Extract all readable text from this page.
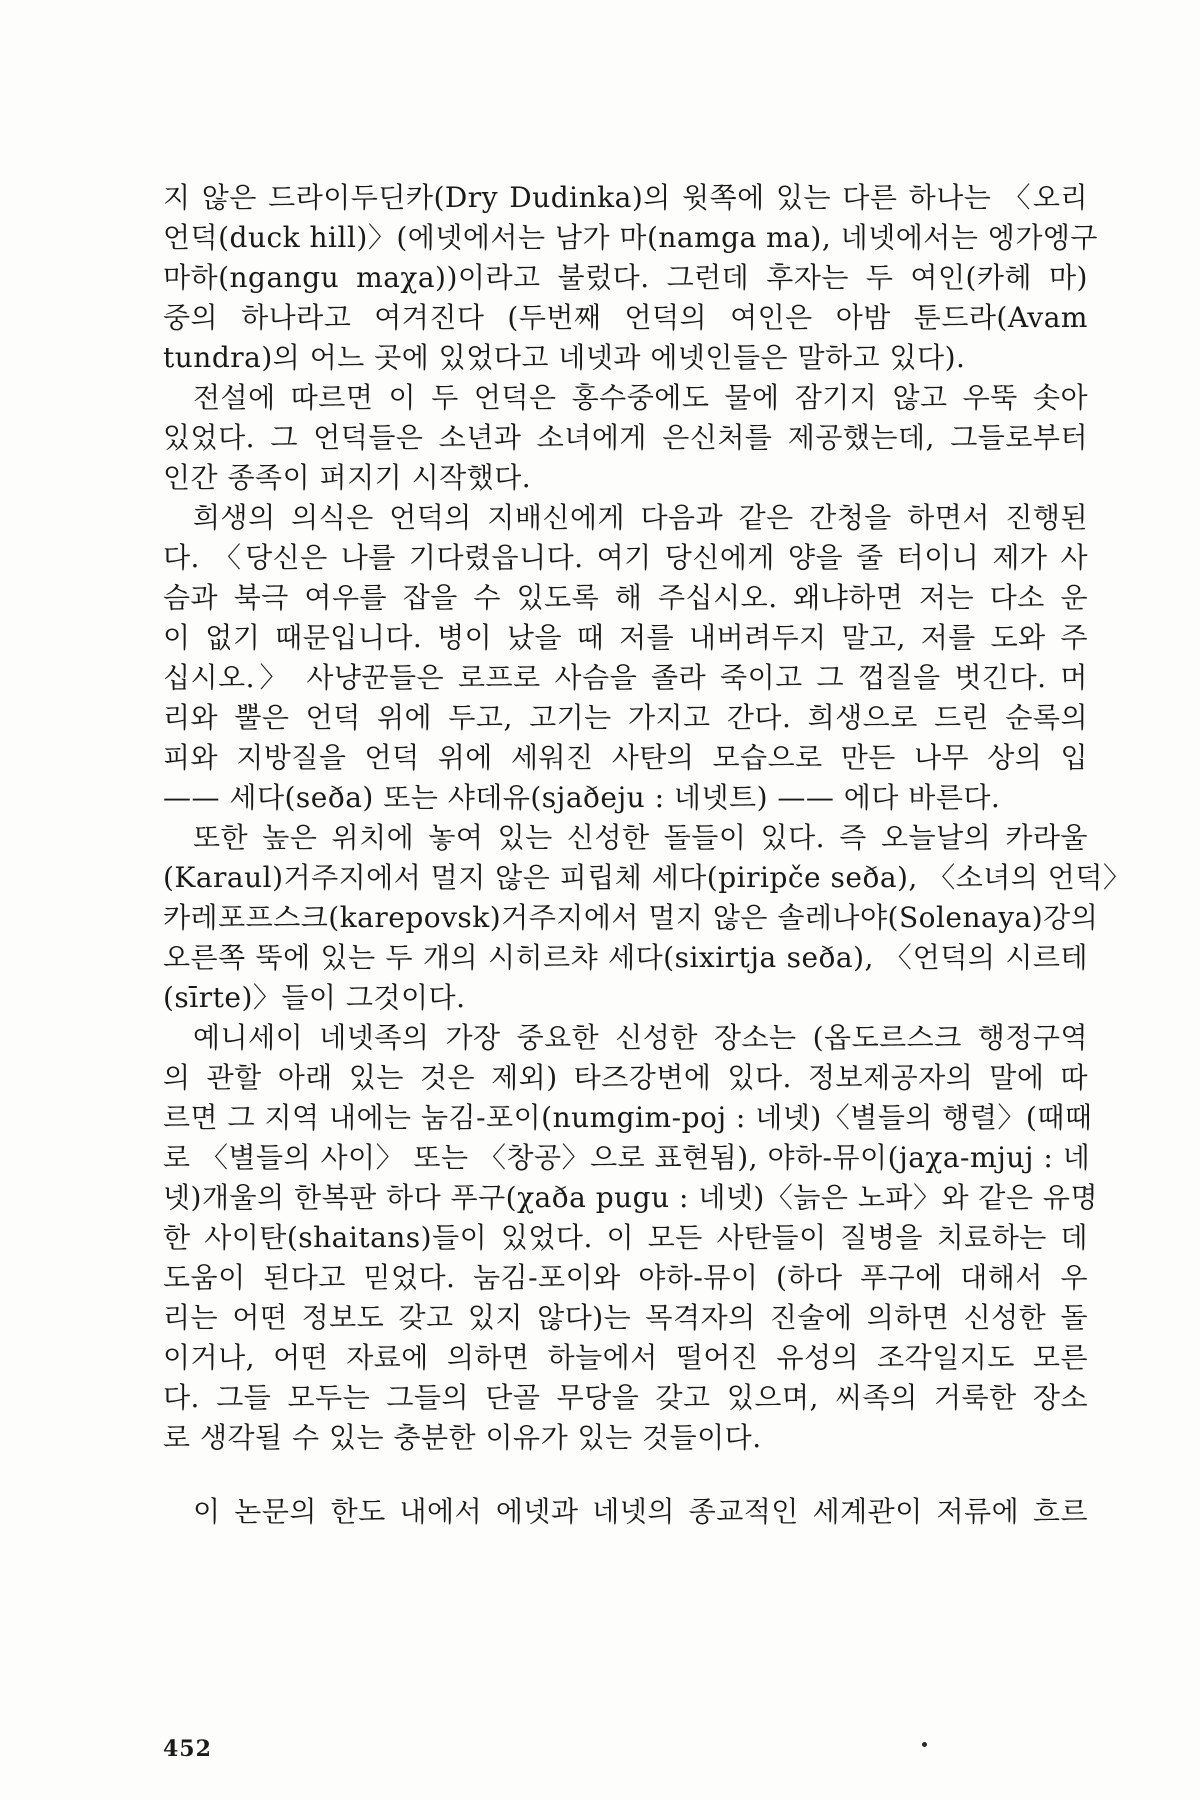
지 않은 드라이두딘카(Dry Dudinka)의 윗쪽에 있는 다른 하나는 〈오리
언덕(duck hill)〉(에넷에서는 남가 마(namga ma), 네넷에서는 엥가엥구
마하(ngangu maχa))이라고 불렀다. 그런데 후자는 두 여인(카헤 마)
중의 하나라고 여겨진다 (두번째 언덕의 여인은 아밤 툰드라(Avam
tundra)의 어느 곳에 있었다고 네넷과 에넷인들은 말하고 있다).
전설에 따르면 이 두 언덕은 홍수중에도 물에 잠기지 않고 우뚝 솟아
있었다. 그 언덕들은 소년과 소녀에게 은신처를 제공했는데, 그들로부터
인간 종족이 퍼지기 시작했다.
희생의 의식은 언덕의 지배신에게 다음과 같은 간청을 하면서 진행된
다. 〈당신은 나를 기다렸읍니다. 여기 당신에게 양을 줄 터이니 제가 사
슴과 북극 여우를 잡을 수 있도록 해 주십시오. 왜냐하면 저는 다소 운
이 없기 때문입니다. 병이 났을 때 저를 내버려두지 말고, 저를 도와 주
십시오.〉 사냥꾼들은 로프로 사슴을 졸라 죽이고 그 껍질을 벗긴다. 머
리와 뿔은 언덕 위에 두고, 고기는 가지고 간다. 희생으로 드린 순록의
피와 지방질을 언덕 위에 세워진 사탄의 모습으로 만든 나무 상의 입
—— 세다(seðа) 또는 샤데유(sjaðeju : 네넷트) —— 에다 바른다.
또한 높은 위치에 놓여 있는 신성한 돌들이 있다. 즉 오늘날의 카라울
(Karaul)거주지에서 멀지 않은 피립체 세다(piripče seða), 〈소녀의 언덕〉
카레포프스크(karepovsk)거주지에서 멀지 않은 솔레나야(Solenaya)강의
오른쪽 뚝에 있는 두 개의 시히르챠 세다(sixirtja seða), 〈언덕의 시르테
(sīrte)〉들이 그것이다.
예니세이 네넷족의 가장 중요한 신성한 장소는 (옵도르스크 행정구역
의 관할 아래 있는 것은 제외) 타즈강변에 있다. 정보제공자의 말에 따
르면 그 지역 내에는 눔김-포이(numgim-poj : 네넷)〈별들의 행렬〉(때때
로 〈별들의 사이〉 또는 〈창공〉으로 표현됨), 야하-뮤이(jaχa-mjuj : 네
넷)개울의 한복판 하다 푸구(χaða pugu : 네넷)〈늙은 노파〉와 같은 유명
한 사이탄(shaitans)들이 있었다. 이 모든 사탄들이 질병을 치료하는 데
도움이 된다고 믿었다. 눔김-포이와 야하-뮤이 (하다 푸구에 대해서 우
리는 어떤 정보도 갖고 있지 않다)는 목격자의 진술에 의하면 신성한 돌
이거나, 어떤 자료에 의하면 하늘에서 떨어진 유성의 조각일지도 모른
다. 그들 모두는 그들의 단골 무당을 갖고 있으며, 씨족의 거룩한 장소
로 생각될 수 있는 충분한 이유가 있는 것들이다.
이 논문의 한도 내에서 에넷과 네넷의 종교적인 세계관이 저류에 흐르
452
